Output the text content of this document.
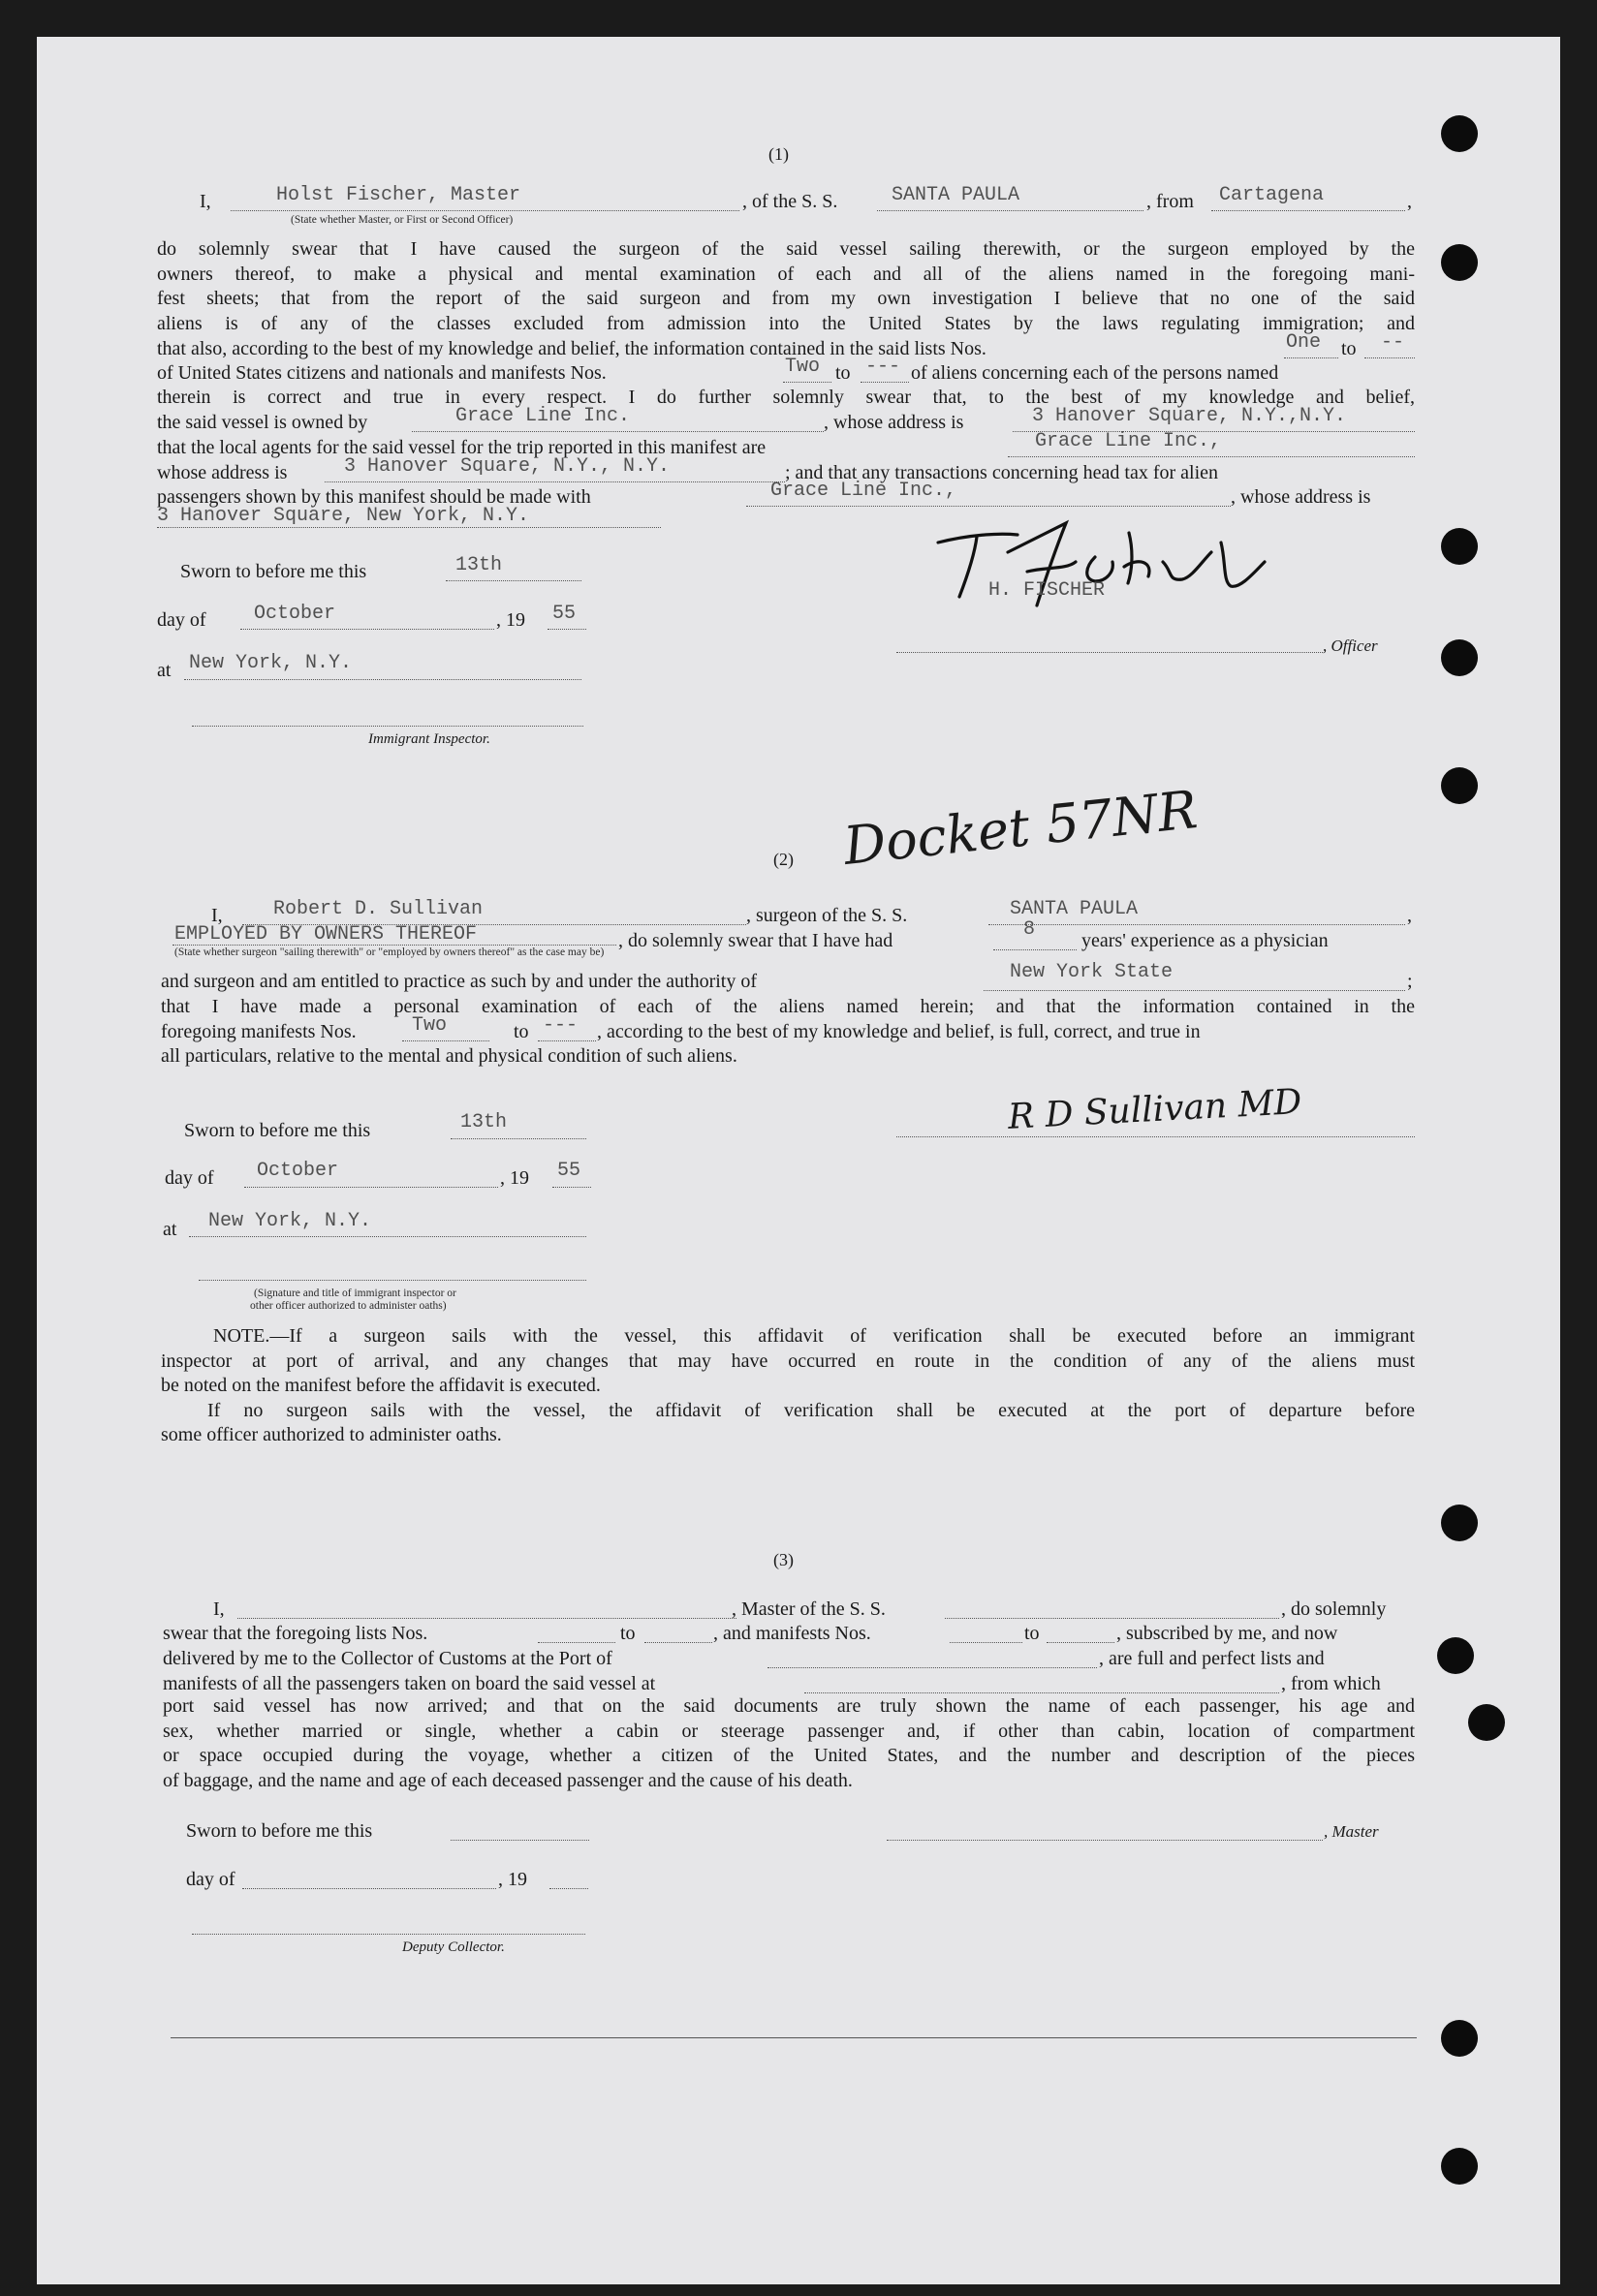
(1)
I,	Holst Fischer, Master	, of the S. S.	SANTA PAULA	, from Cartagena	,
(State whether Master, or First or Second Officer)

do solemnly swear that I have caused the surgeon of the said vessel sailing therewith, or the surgeon employed by the

owners thereof, to make a physical and mental examination of each and all of the aliens named in the foregoing mani-

fest sheets; that from the report of the said surgeon and from my own investigation I believe that no one of the said

aliens is of any of the classes excluded from admission into the United States by the laws regulating immigration; and

that also, according to the best of my knowledge and belief, the information contained in the said lists Nos.	One to --
of United States citizens and nationals and manifests Nos.	Two to --- of aliens concerning each of the persons named

therein is correct and true in every respect. I do further solemnly swear that, to the best of my knowledge and belief,

the said vessel is owned by	Grace Line Inc.	, whose address is	3 Hanover Square, N.Y.,N.Y.
that the local agents for the said vessel for the trip reported in this manifest are	Grace Line Inc.,
whose address is	3 Hanover Square, N.Y., N.Y.	; and that any transactions concerning head tax for alien
passengers shown by this manifest should be made with	Grace Line Inc.,	, whose address is
3 Hanover Square, New York, N.Y.
Sworn to before me this	13th
day of October	, 19 55
at New York, N.Y.
Immigrant Inspector.
H. FISCHER
, Officer
(2) Docket 57NR
I,	Robert D. Sullivan	, surgeon of the S. S.	SANTA PAULA	,
EMPLOYED BY OWNERS THEREOF	, do solemnly swear that I have had	8 years' experience as a physician
(State whether surgeon "sailing therewith" or "employed by owners thereof" as the case may be)
and surgeon and am entitled to practice as such by and under the authority of	New York State	;

that I have made a personal examination of each of the aliens named herein; and that the information contained in the

foregoing manifests Nos.	Two	to --- , according to the best of my knowledge and belief, is full, correct, and true in
all particulars, relative to the mental and physical condition of such aliens.
Sworn to before me this	13th
day of October	, 19 55
at New York, N.Y.
R D Sullivan MD
(Signature and title of immigrant inspector or
other officer authorized to administer oaths)

NOTE.—If a surgeon sails with the vessel, this affidavit of verification shall be executed before an immigrant

inspector at port of arrival, and any changes that may have occurred en route in the condition of any of the aliens must

be noted on the manifest before the affidavit is executed.

If no surgeon sails with the vessel, the affidavit of verification shall be executed at the port of departure before

some officer authorized to administer oaths.

(3)
I,	, Master of the S. S.	, do solemnly
swear that the foregoing lists Nos.	to	, and manifests Nos.	to	, subscribed by me, and now
delivered by me to the Collector of Customs at the Port of	, are full and perfect lists and
manifests of all the passengers taken on board the said vessel at	, from which

port said vessel has now arrived; and that on the said documents are truly shown the name of each passenger, his age and

sex, whether married or single, whether a cabin or steerage passenger and, if other than cabin, location of compartment

or space occupied during the voyage, whether a citizen of the United States, and the number and description of the pieces

of baggage, and the name and age of each deceased passenger and the cause of his death.

Sworn to before me this	, Master
day of	, 19
Deputy Collector.
